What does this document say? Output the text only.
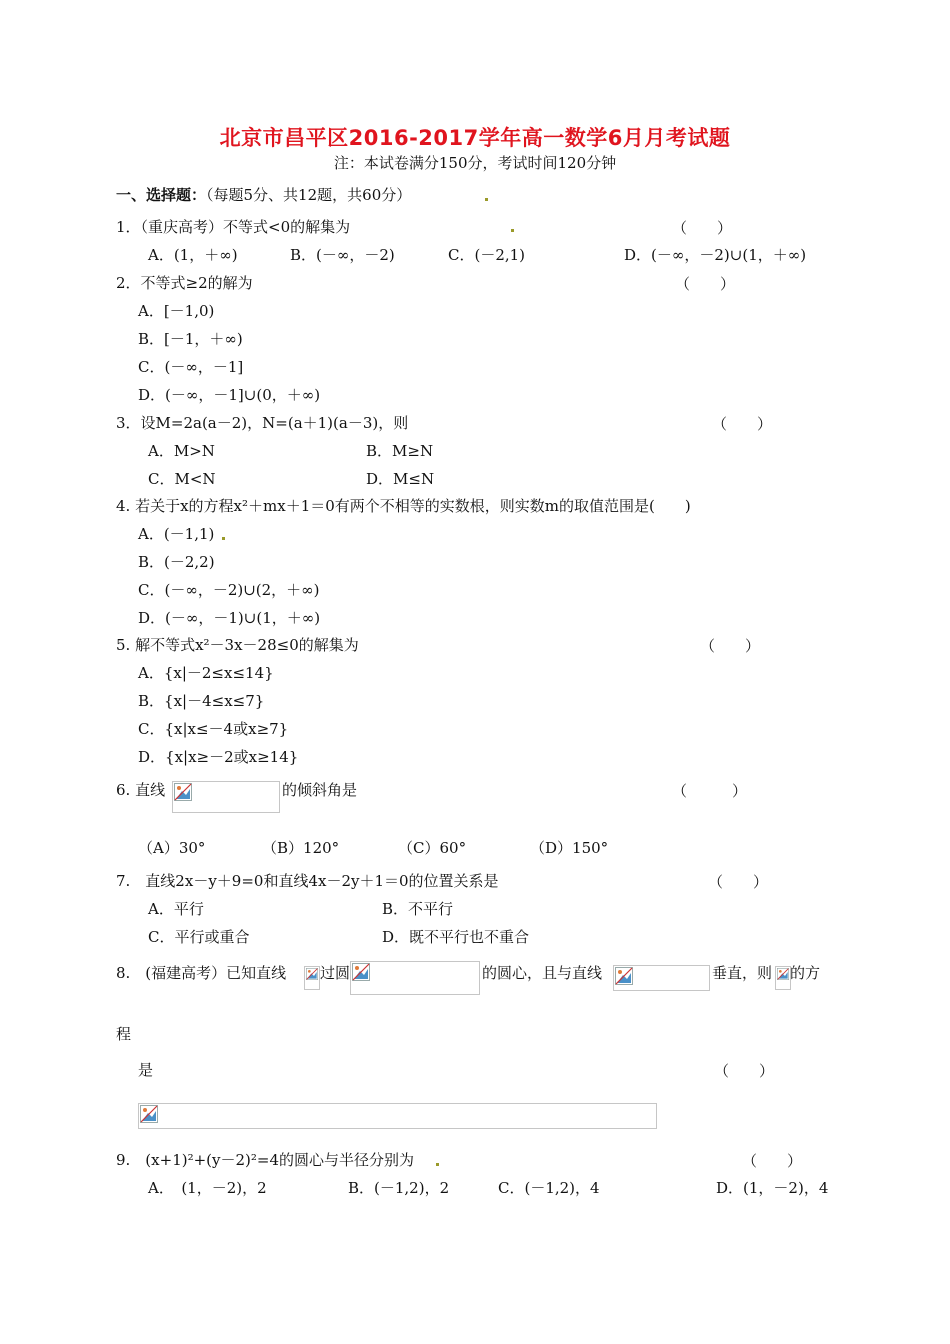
北京市昌平区2016-2017学年高一数学6月月考试题
注：本试卷满分150分，考试时间120分钟
一、选择题：（每题5分、共12题，共60分）
1．（重庆高考）不等式<0的解集为	（　　）
A．(1，＋∞)	B．(－∞，－2)	C．(－2,1)	D．(－∞，－2)∪(1，＋∞)
2．不等式≥2的解为	（　　）
A．[－1,0)
B．[－1，＋∞)
C．(－∞，－1]
D．(－∞，－1]∪(0，＋∞)
3．设M=2a(a－2)，N=(a＋1)(a－3)，则	（　　）
A．M>N	B．M≥N
C．M<N	D．M≤N
4. 若关于x的方程x²＋mx＋1＝0有两个不相等的实数根，则实数m的取值范围是(　　)
A．(－1,1)
B．(－2,2)
C．(－∞，－2)∪(2，＋∞)
D．(－∞，－1)∪(1，＋∞)
5. 解不等式x²－3x－28≤0的解集为	（　　）
A．{x|－2≤x≤14}
B．{x|－4≤x≤7}
C．{x|x≤－4或x≥7}
D．{x|x≥－2或x≥14}
6. 直线	的倾斜角是	（　　　）
（A）30°	（B）120°	（C）60°	（D）150°
7.　直线2x－y＋9=0和直线4x－2y＋1＝0的位置关系是	（　　）
A．平行	B．不平行
C．平行或重合	D．既不平行也不重合
8.　(福建高考）已知直线 过圆	的圆心，且与直线	垂直，则 的方
程
是	（　　）
9.　(x+1)²+(y－2)²=4的圆心与半径分别为	（　　）
A．　(1，－2)，2	B．(－1,2)，2	C．(－1,2)，4	D．(1，－2)，4
